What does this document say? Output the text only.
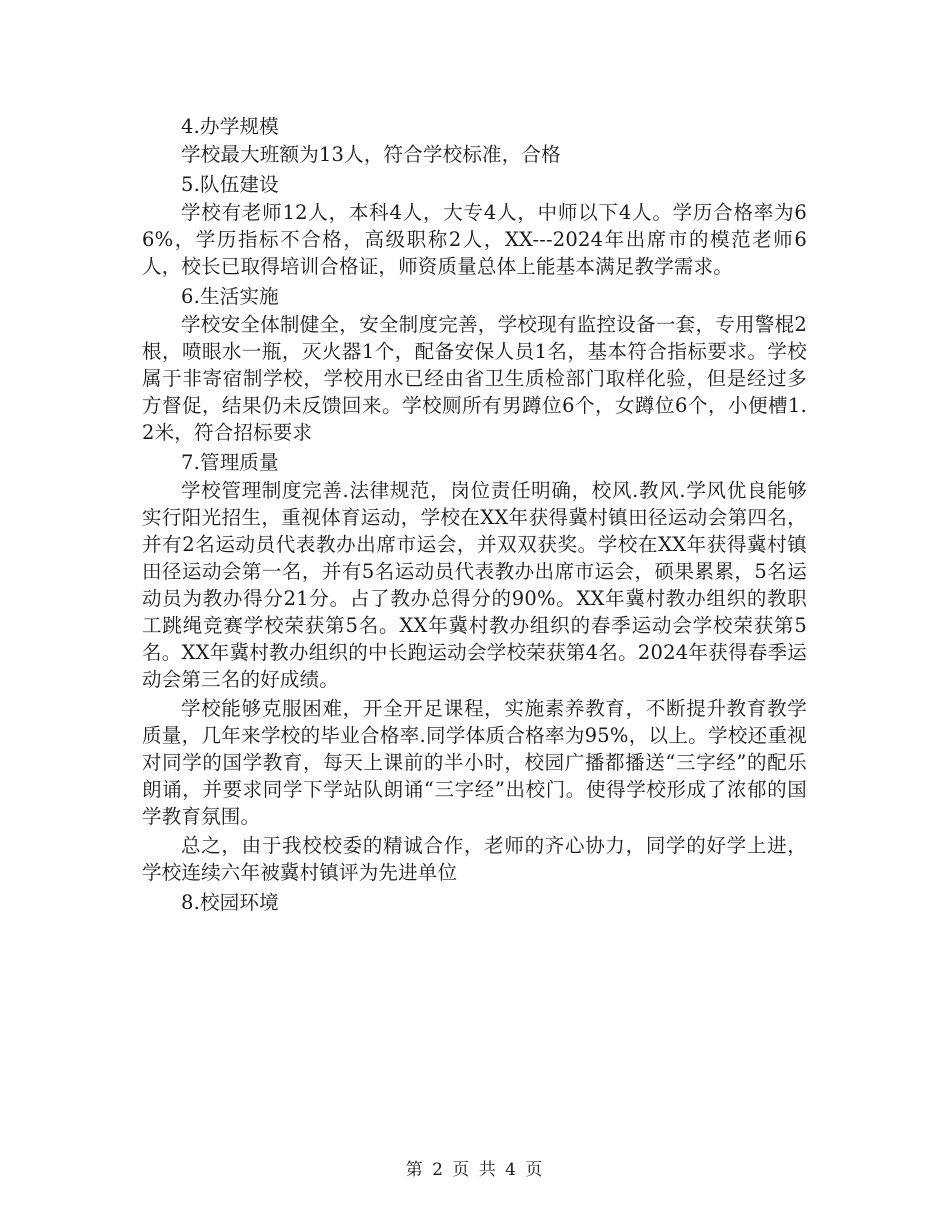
4.办学规模

学校最大班额为13人，符合学校标准，合格

5.队伍建设

学校有老师12人，本科4人，大专4人，中师以下4人。学历合格率为66%，学历指标不合格，高级职称2人，XX---2024年出席市的模范老师6人，校长已取得培训合格证，师资质量总体上能基本满足教学需求。

6.生活实施

学校安全体制健全，安全制度完善，学校现有监控设备一套，专用警棍2根，喷眼水一瓶，灭火器1个，配备安保人员1名，基本符合指标要求。学校属于非寄宿制学校，学校用水已经由省卫生质检部门取样化验，但是经过多方督促，结果仍未反馈回来。学校厕所有男蹲位6个，女蹲位6个，小便槽1.2米，符合招标要求

7.管理质量

学校管理制度完善.法律规范，岗位责任明确，校风.教风.学风优良能够实行阳光招生，重视体育运动，学校在XX年获得冀村镇田径运动会第四名，并有2名运动员代表教办出席市运会，并双双获奖。学校在XX年获得冀村镇田径运动会第一名，并有5名运动员代表教办出席市运会，硕果累累，5名运动员为教办得分21分。占了教办总得分的90%。XX年冀村教办组织的教职工跳绳竞赛学校荣获第5名。XX年冀村教办组织的春季运动会学校荣获第5名。XX年冀村教办组织的中长跑运动会学校荣获第4名。2024年获得春季运动会第三名的好成绩。

学校能够克服困难，开全开足课程，实施素养教育，不断提升教育教学质量，几年来学校的毕业合格率.同学体质合格率为95%，以上。学校还重视对同学的国学教育，每天上课前的半小时，校园广播都播送“三字经”的配乐朗诵，并要求同学下学站队朗诵“三字经”出校门。使得学校形成了浓郁的国学教育氛围。

总之，由于我校校委的精诚合作，老师的齐心协力，同学的好学上进，学校连续六年被冀村镇评为先进单位

8.校园环境

第 2 页 共 4 页
